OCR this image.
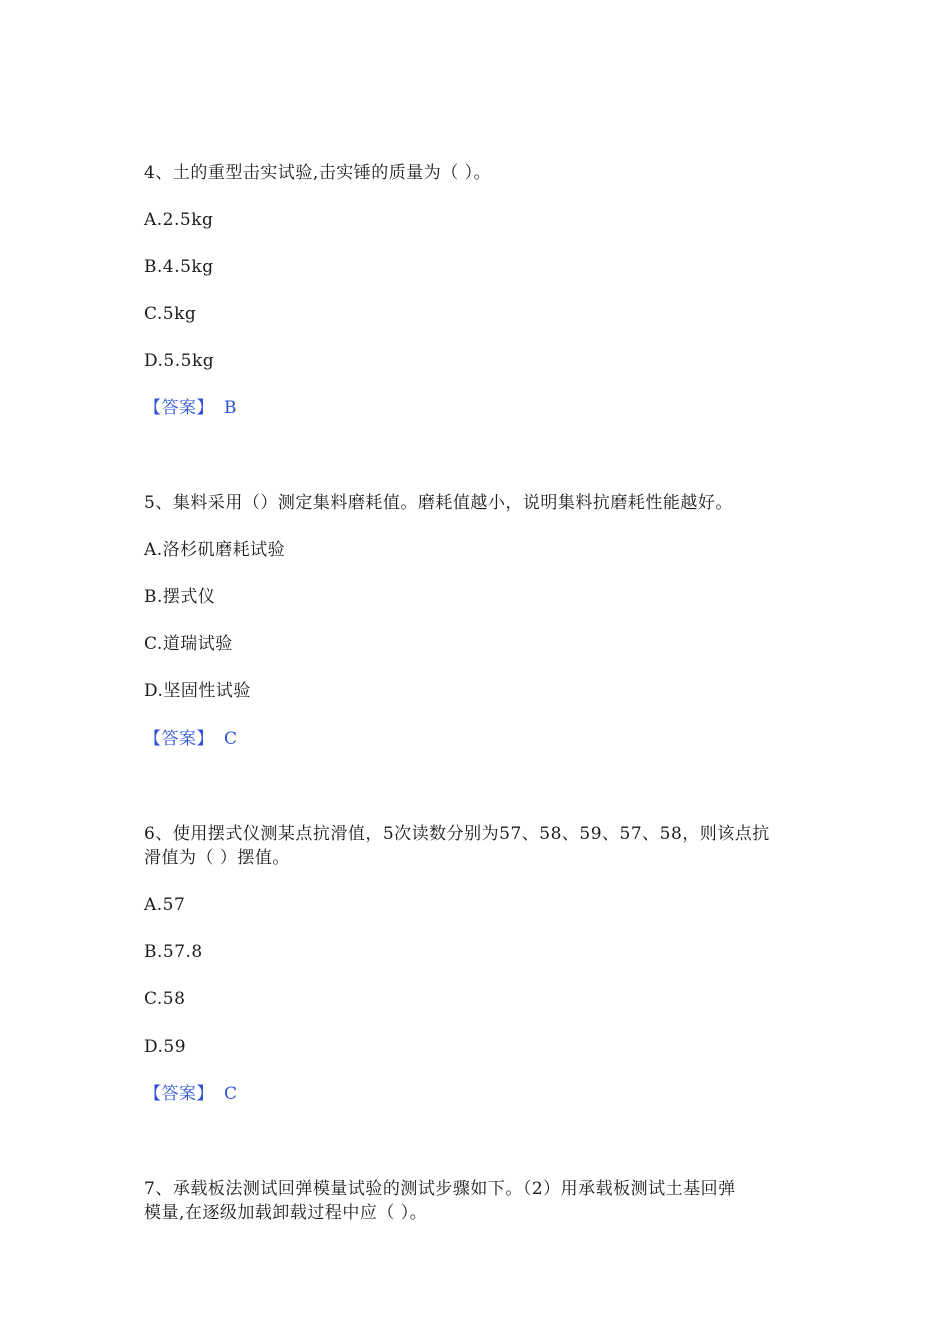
4、土的重型击实试验,击实锤的质量为（ ）。
A.2.5kg
B.4.5kg
C.5kg
D.5.5kg
【答案】 B
5、集料采用（）测定集料磨耗值。磨耗值越小，说明集料抗磨耗性能越好。
A.洛杉矶磨耗试验
B.摆式仪
C.道瑞试验
D.坚固性试验
【答案】 C
6、使用摆式仪测某点抗滑值，5次读数分别为57、58、59、57、58，则该点抗
滑值为（ ）摆值。
A.57
B.57.8
C.58
D.59
【答案】 C
7、承载板法测试回弹模量试验的测试步骤如下。（2）用承载板测试土基回弹
模量,在逐级加载卸载过程中应（ ）。
